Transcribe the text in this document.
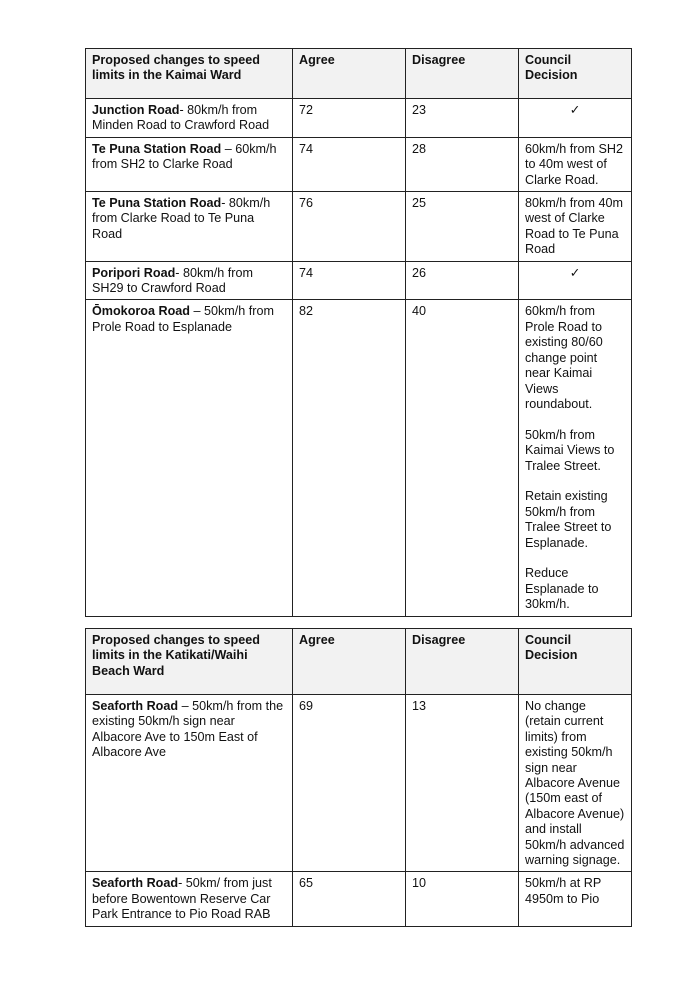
Proposed changes to speed limits in the Kaimai Ward	Agree	Disagree	Council Decision
Junction Road- 80km/h from Minden Road to Crawford Road	72	23	✓

Te Puna Station Road – 60km/h from SH2 to Clarke Road	74	28	60km/h from SH2 to 40m west of Clarke Road.

Te Puna Station Road- 80km/h from Clarke Road to Te Puna Road	76	25	80km/h from 40m west of Clarke Road to Te Puna Road

Poripori Road- 80km/h from SH29 to Crawford Road	74	26	✓

Ōmokoroa Road – 50km/h from Prole Road to Esplanade	82	40	60km/h from Prole Road to existing 80/60 change point near Kaimai Views roundabout.
50km/h from Kaimai Views to Tralee Street.
Retain existing 50km/h from Tralee Street to Esplanade.
Reduce Esplanade to 30km/h.
Proposed changes to speed limits in the Katikati/Waihi Beach Ward	Agree	Disagree	Council Decision
Seaforth Road – 50km/h from the existing 50km/h sign near Albacore Ave to 150m East of Albacore Ave	69	13	No change (retain current limits) from existing 50km/h sign near Albacore Avenue (150m east of Albacore Avenue) and install 50km/h advanced warning signage.

Seaforth Road- 50km/ from just before Bowentown Reserve Car Park Entrance to Pio Road RAB	65	10	50km/h at RP 4950m to Pio
